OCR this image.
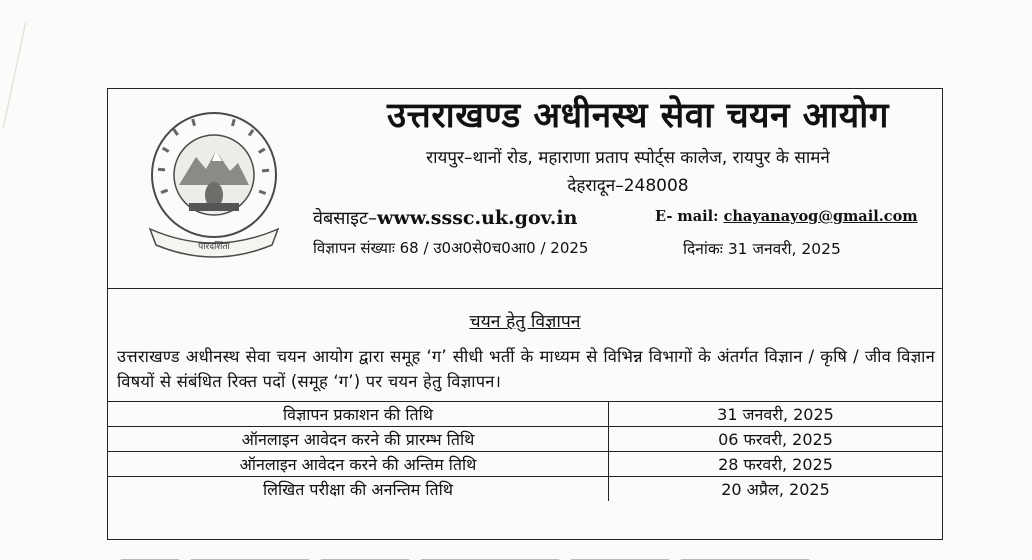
पारदर्शिता
उत्तराखण्ड अधीनस्थ सेवा चयन आयोग
रायपुर–थानों रोड, महाराणा प्रताप स्पोर्ट्स कालेज, रायपुर के सामने
देहरादून–248008
वेबसाइट–www.sssc.uk.gov.in	E- mail: chayanayog@gmail.com
विज्ञापन संख्याः 68 / उ0अ0से0च0आ0 / 2025	दिनांकः 31 जनवरी, 2025
चयन हेतु विज्ञापन
उत्तराखण्ड अधीनस्थ सेवा चयन आयोग द्वारा समूह ‘ग’ सीधी भर्ती के माध्यम से विभिन्न विभागों के अंतर्गत विज्ञान / कृषि / जीव विज्ञान विषयों से संबंधित रिक्त पदों (समूह ‘ग’) पर चयन हेतु विज्ञापन।
विज्ञापन प्रकाशन की तिथि	31 जनवरी, 2025
ऑनलाइन आवेदन करने की प्रारम्भ तिथि	06 फरवरी, 2025
ऑनलाइन आवेदन करने की अन्तिम तिथि	28 फरवरी, 2025
लिखित परीक्षा की अनन्तिम तिथि	20 अप्रैल, 2025
